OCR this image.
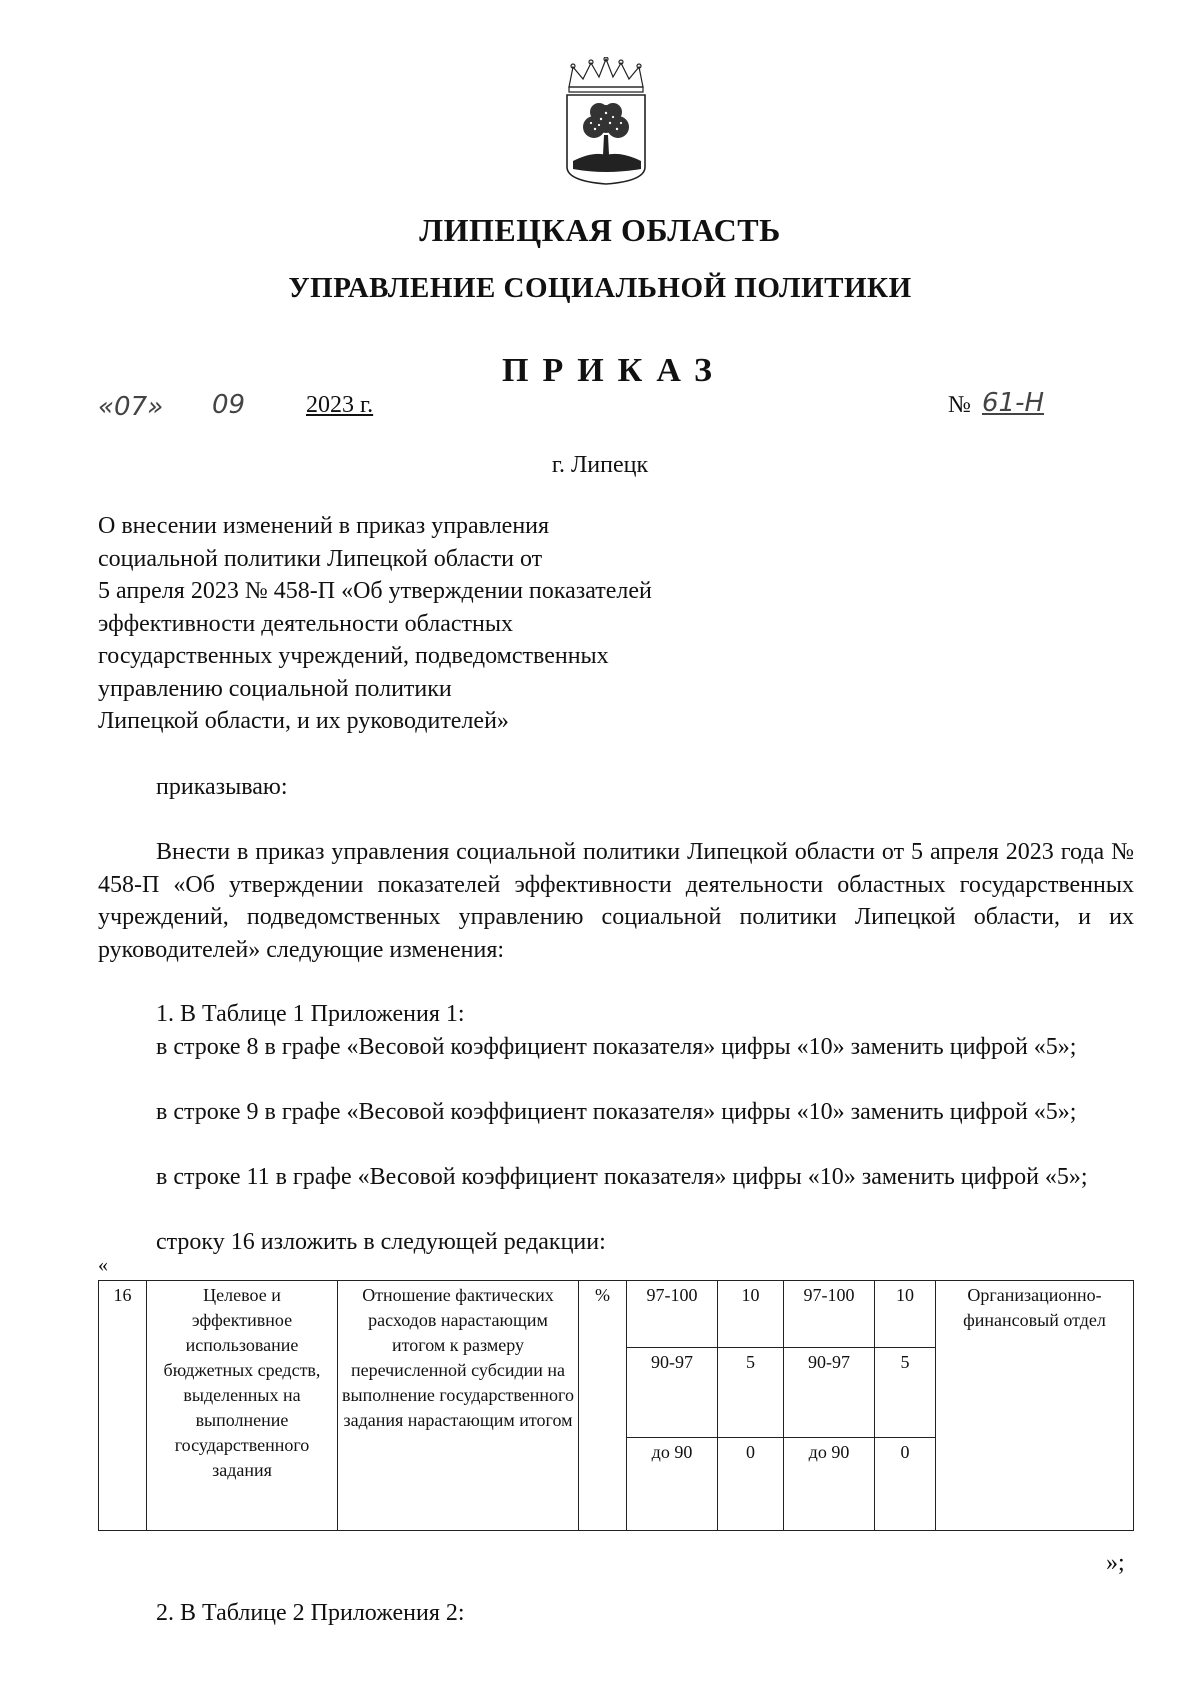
ЛИПЕЦКАЯ ОБЛАСТЬ
УПРАВЛЕНИЕ СОЦИАЛЬНОЙ ПОЛИТИКИ
ПРИКАЗ
«07» 09	2023 г.	№ 61-Н
г. Липецк
О внесении изменений в приказ управления
социальной политики Липецкой области от
5 апреля 2023 № 458-П «Об утверждении показателей
эффективности деятельности областных
государственных учреждений, подведомственных
управлению социальной политики
Липецкой области, и их руководителей»
приказываю:
Внести в приказ управления социальной политики Липецкой области от 5 апреля 2023 года № 458-П «Об утверждении показателей эффективности деятельности областных государственных учреждений, подведомственных управлению социальной политики Липецкой области, и их руководителей» следующие изменения:
1. В Таблице 1 Приложения 1:
в строке 8 в графе «Весовой коэффициент показателя» цифры «10» заменить цифрой «5»;
в строке 9 в графе «Весовой коэффициент показателя» цифры «10» заменить цифрой «5»;
в строке 11 в графе «Весовой коэффициент показателя» цифры «10» заменить цифрой «5»;
строку 16 изложить в следующей редакции:
«
16	Целевое и эффективное использование бюджетных средств, выделенных на выполнение государственного задания	Отношение фактических расходов нарастающим итогом к размеру перечисленной субсидии на выполнение государственного задания нарастающим итогом	%	97-100	10	97-100	10	Организационно-финансовый отдел
				90-97	5	90-97	5	
				до 90	0	до 90	0	
»;
2. В Таблице 2 Приложения 2:
